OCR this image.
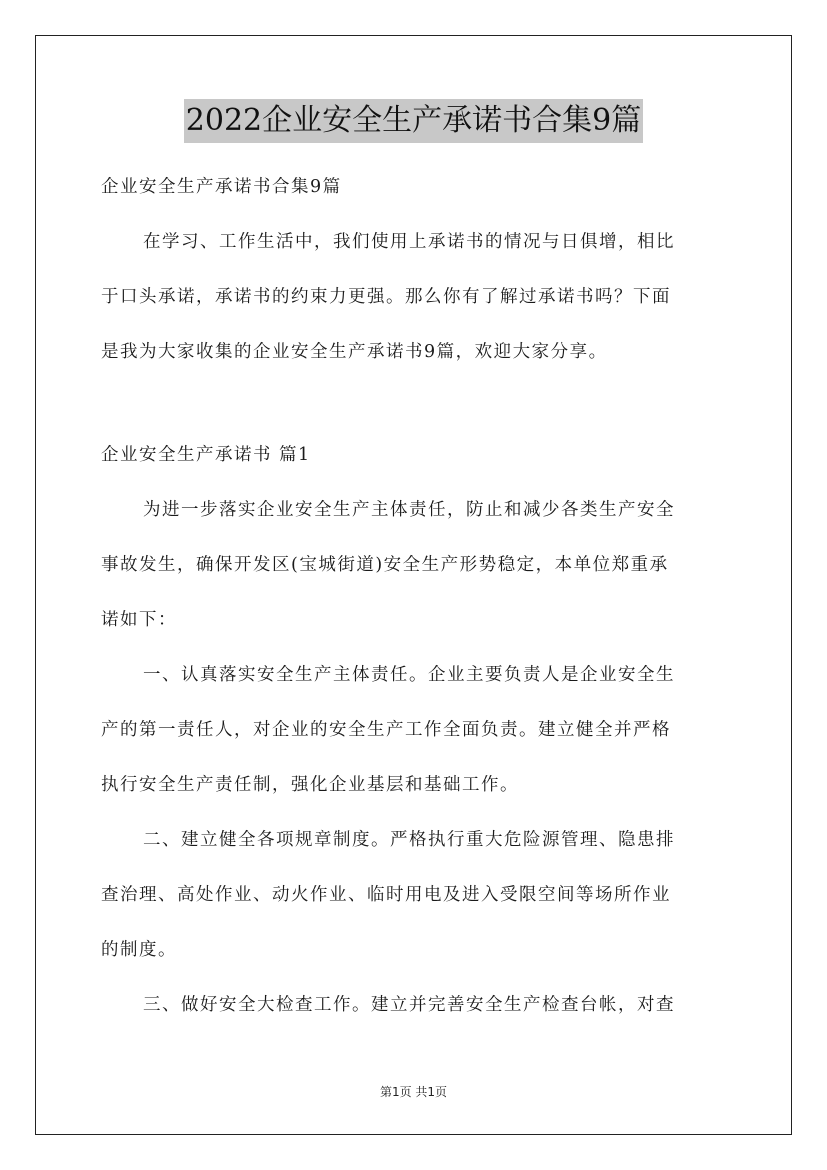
2022企业安全生产承诺书合集9篇
企业安全生产承诺书合集9篇
在学习、工作生活中，我们使用上承诺书的情况与日俱增，相比
于口头承诺，承诺书的约束力更强。那么你有了解过承诺书吗？下面
是我为大家收集的企业安全生产承诺书9篇，欢迎大家分享。
企业安全生产承诺书 篇1
为进一步落实企业安全生产主体责任，防止和减少各类生产安全
事故发生，确保开发区(宝城街道)安全生产形势稳定，本单位郑重承
诺如下：
一、认真落实安全生产主体责任。企业主要负责人是企业安全生
产的第一责任人，对企业的安全生产工作全面负责。建立健全并严格
执行安全生产责任制，强化企业基层和基础工作。
二、建立健全各项规章制度。严格执行重大危险源管理、隐患排
查治理、高处作业、动火作业、临时用电及进入受限空间等场所作业
的制度。
三、做好安全大检查工作。建立并完善安全生产检查台帐，对查
第1页 共1页
